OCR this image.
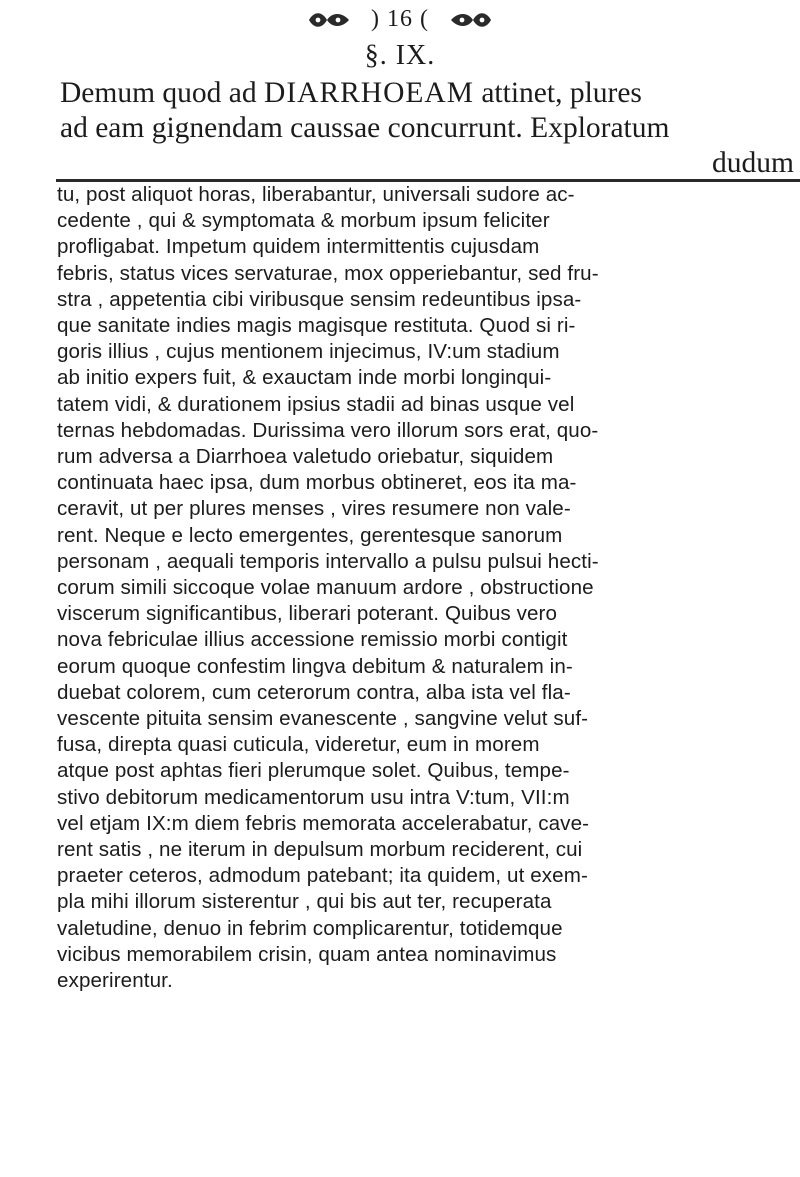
) 16 (
§. IX.
Demum quod ad DIARRHOEAM attinet, plures
ad eam gignendam caussae concurrunt. Exploratum
dudum
tu, post aliquot horas, liberabantur, universali sudore ac-
cedente , qui & symptomata & morbum ipsum feliciter
profligabat. Impetum quidem intermittentis cujusdam
febris, status vices servaturae, mox opperiebantur, sed fru-
stra , appetentia cibi viribusque sensim redeuntibus ipsa-
que sanitate indies magis magisque restituta. Quod si ri-
goris illius , cujus mentionem injecimus, IV:um stadium
ab initio expers fuit, & exauctam inde morbi longinqui-
tatem vidi, & durationem ipsius stadii ad binas usque vel
ternas hebdomadas. Durissima vero illorum sors erat, quo-
rum adversa a Diarrhoea valetudo oriebatur, siquidem
continuata haec ipsa, dum morbus obtineret, eos ita ma-
ceravit, ut per plures menses , vires resumere non vale-
rent. Neque e lecto emergentes, gerentesque sanorum
personam , aequali temporis intervallo a pulsu pulsui hecti-
corum simili siccoque volae manuum ardore , obstructione
viscerum significantibus, liberari poterant. Quibus vero
nova febriculae illius accessione remissio morbi contigit
eorum quoque confestim lingva debitum & naturalem in-
duebat colorem, cum ceterorum contra, alba ista vel fla-
vescente pituita sensim evanescente , sangvine velut suf-
fusa, direpta quasi cuticula, videretur, eum in morem
atque post aphtas fieri plerumque solet. Quibus, tempe-
stivo debitorum medicamentorum usu intra V:tum, VII:m
vel etjam IX:m diem febris memorata accelerabatur, cave-
rent satis , ne iterum in depulsum morbum reciderent, cui
praeter ceteros, admodum patebant; ita quidem, ut exem-
pla mihi illorum sisterentur , qui bis aut ter, recuperata
valetudine, denuo in febrim complicarentur, totidemque
vicibus memorabilem crisin, quam antea nominavimus
experirentur.
